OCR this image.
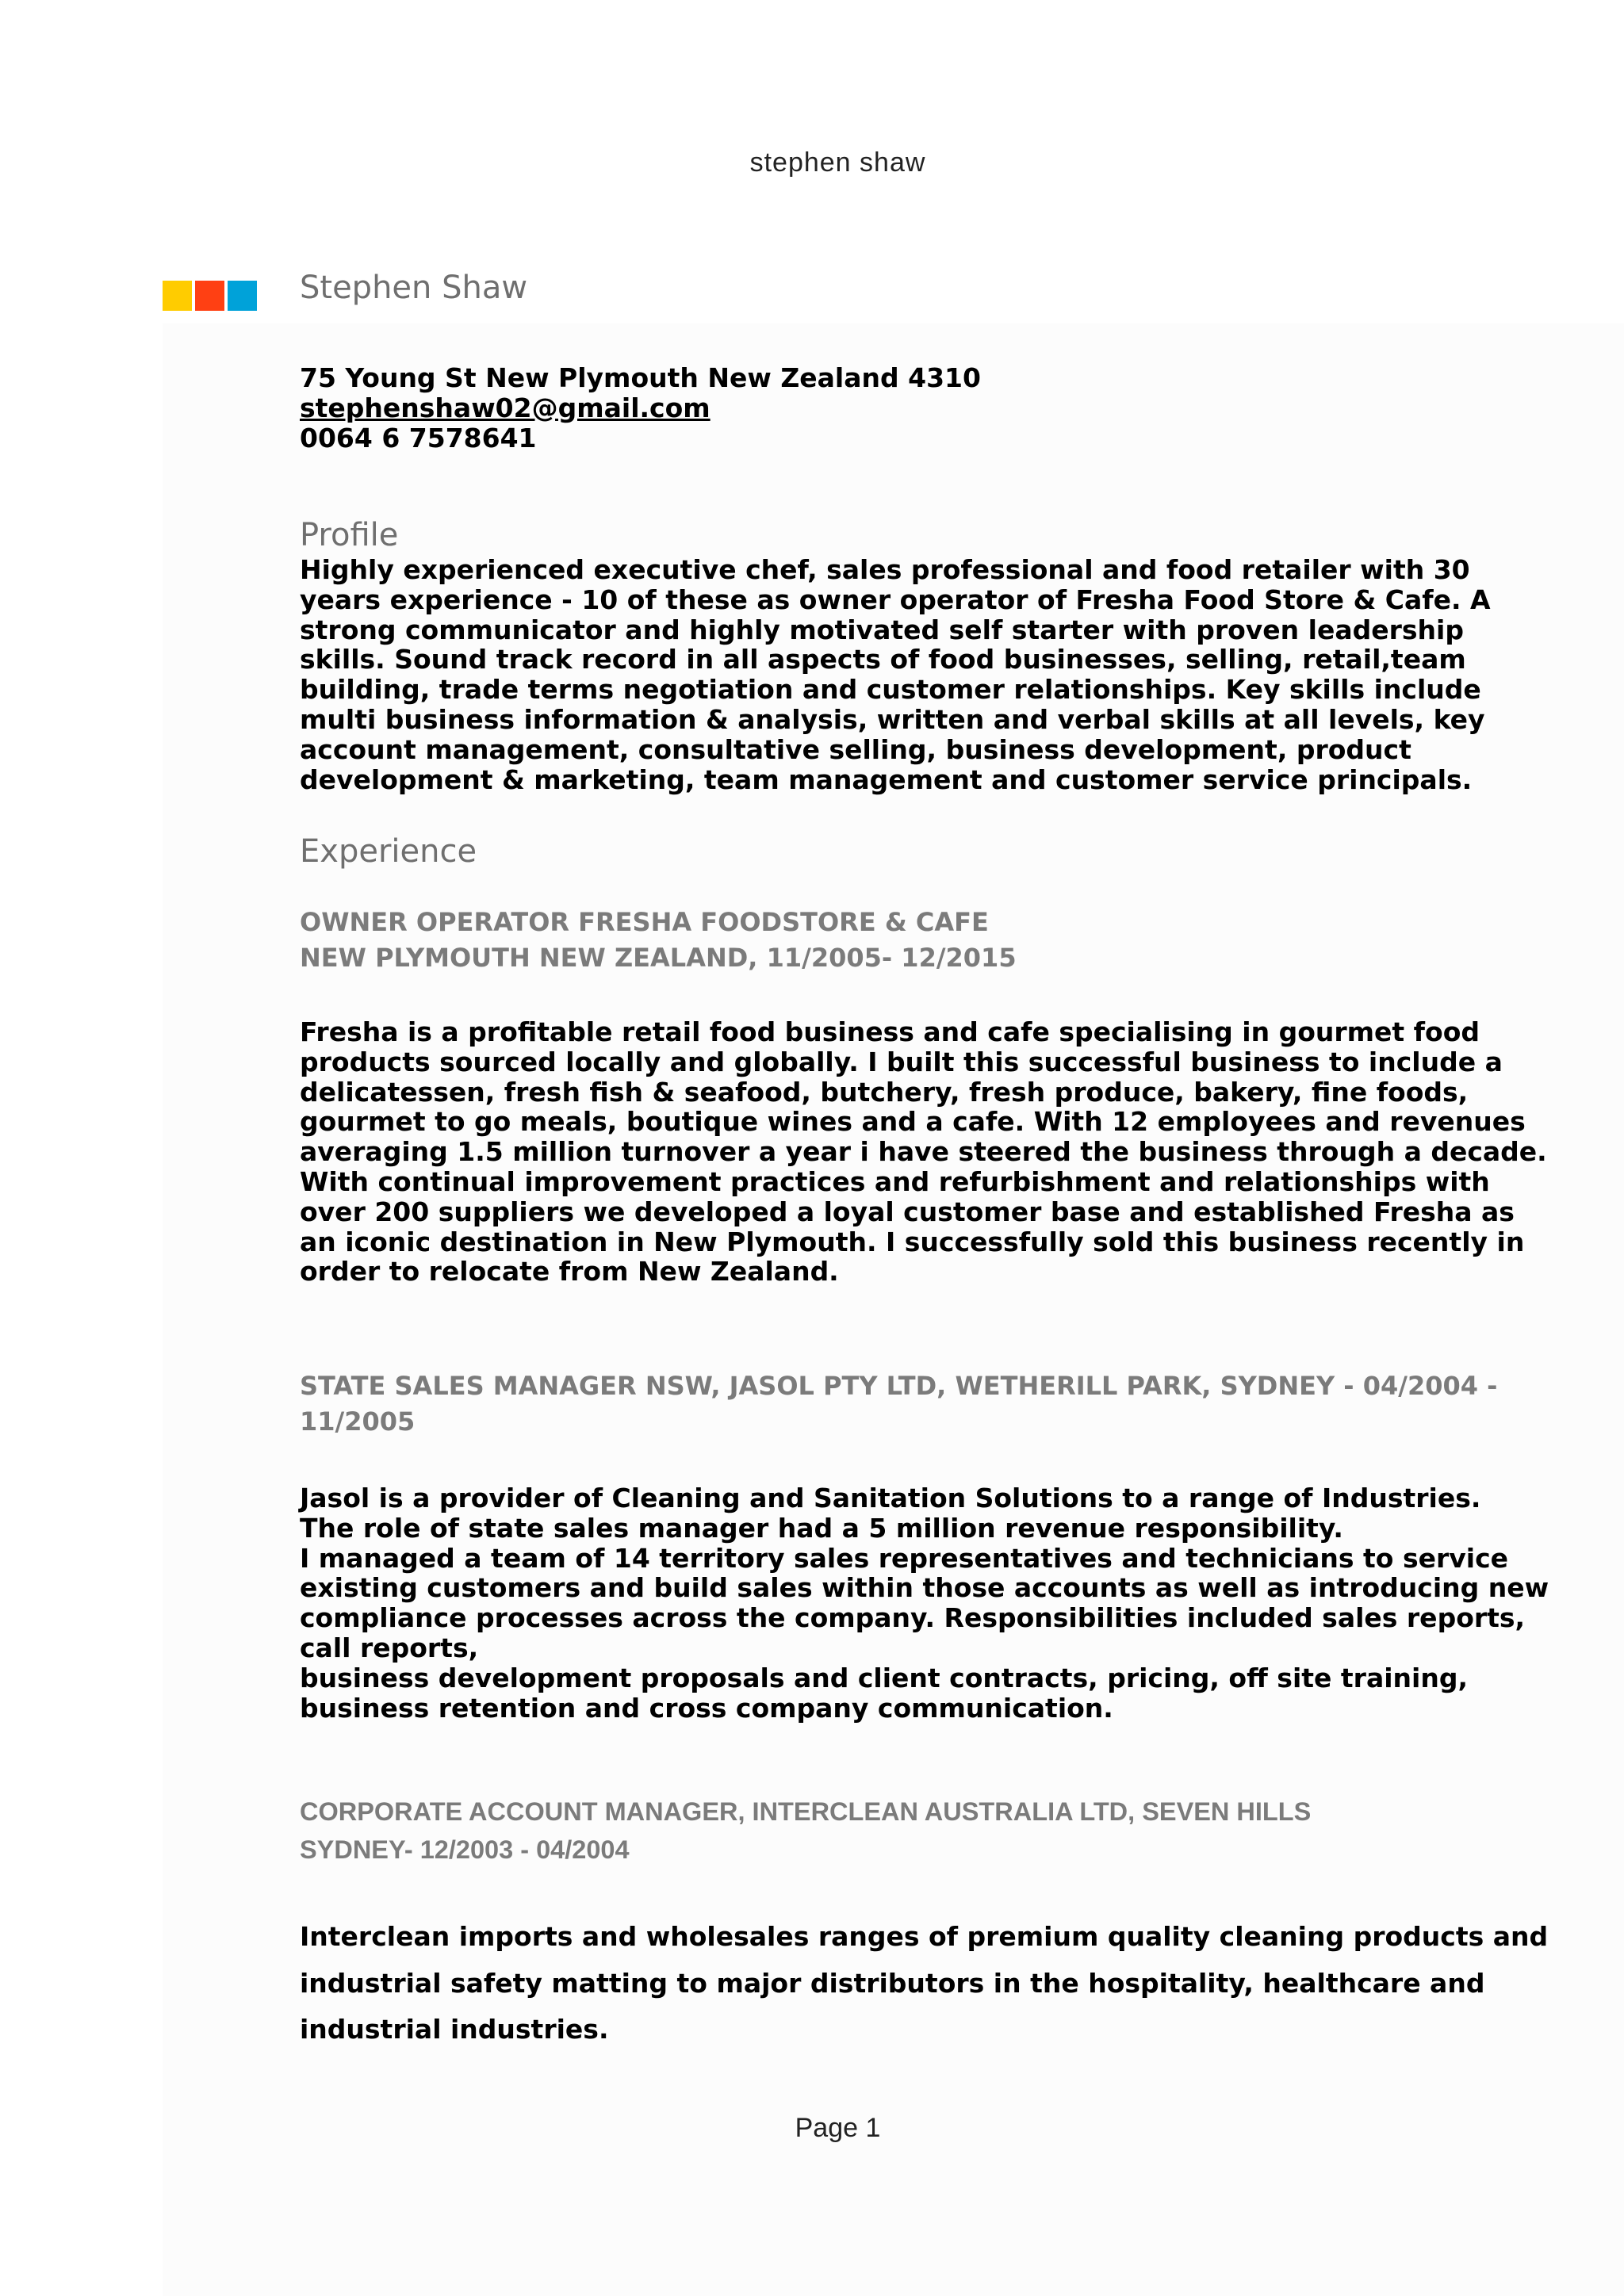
stephen shaw
Stephen Shaw
75 Young St New Plymouth New Zealand 4310
stephenshaw02@gmail.com
0064 6 7578641
Profile
Highly experienced executive chef, sales professional and food retailer with 30
years experience - 10 of these as owner operator of Fresha Food Store & Cafe. A
strong communicator and highly motivated self starter with proven leadership
skills. Sound track record in all aspects of food businesses, selling, retail,team
building, trade terms negotiation and customer relationships. Key skills include
multi business information & analysis, written and verbal skills at all levels, key
account management, consultative selling, business development, product
development & marketing, team management and customer service principals.
Experience
OWNER OPERATOR FRESHA FOODSTORE & CAFE
NEW PLYMOUTH NEW ZEALAND, 11/2005- 12/2015
Fresha is a profitable retail food business and cafe specialising in gourmet food
products sourced locally and globally. I built this successful business to include a
delicatessen, fresh fish & seafood, butchery, fresh produce, bakery, fine foods,
gourmet to go meals, boutique wines and a cafe. With 12 employees and revenues
averaging 1.5 million turnover a year i have steered the business through a decade.
With continual improvement practices and refurbishment and relationships with
over 200 suppliers we developed a loyal customer base and established Fresha as
an iconic destination in New Plymouth. I successfully sold this business recently in
order to relocate from New Zealand.
STATE SALES MANAGER NSW, JASOL PTY LTD, WETHERILL PARK, SYDNEY - 04/2004 -
11/2005
Jasol is a provider of Cleaning and Sanitation Solutions to a range of Industries.
The role of state sales manager had a 5 million revenue responsibility.
I managed a team of 14 territory sales representatives and technicians to service
existing customers and build sales within those accounts as well as introducing new
compliance processes across the company. Responsibilities included sales reports,
call reports,
business development proposals and client contracts, pricing, off site training,
business retention and cross company communication.
CORPORATE ACCOUNT MANAGER, INTERCLEAN AUSTRALIA LTD, SEVEN HILLS
SYDNEY- 12/2003 - 04/2004
Interclean imports and wholesales ranges of premium quality cleaning products and
industrial safety matting to major distributors in the hospitality, healthcare and
industrial industries.
Page 1
